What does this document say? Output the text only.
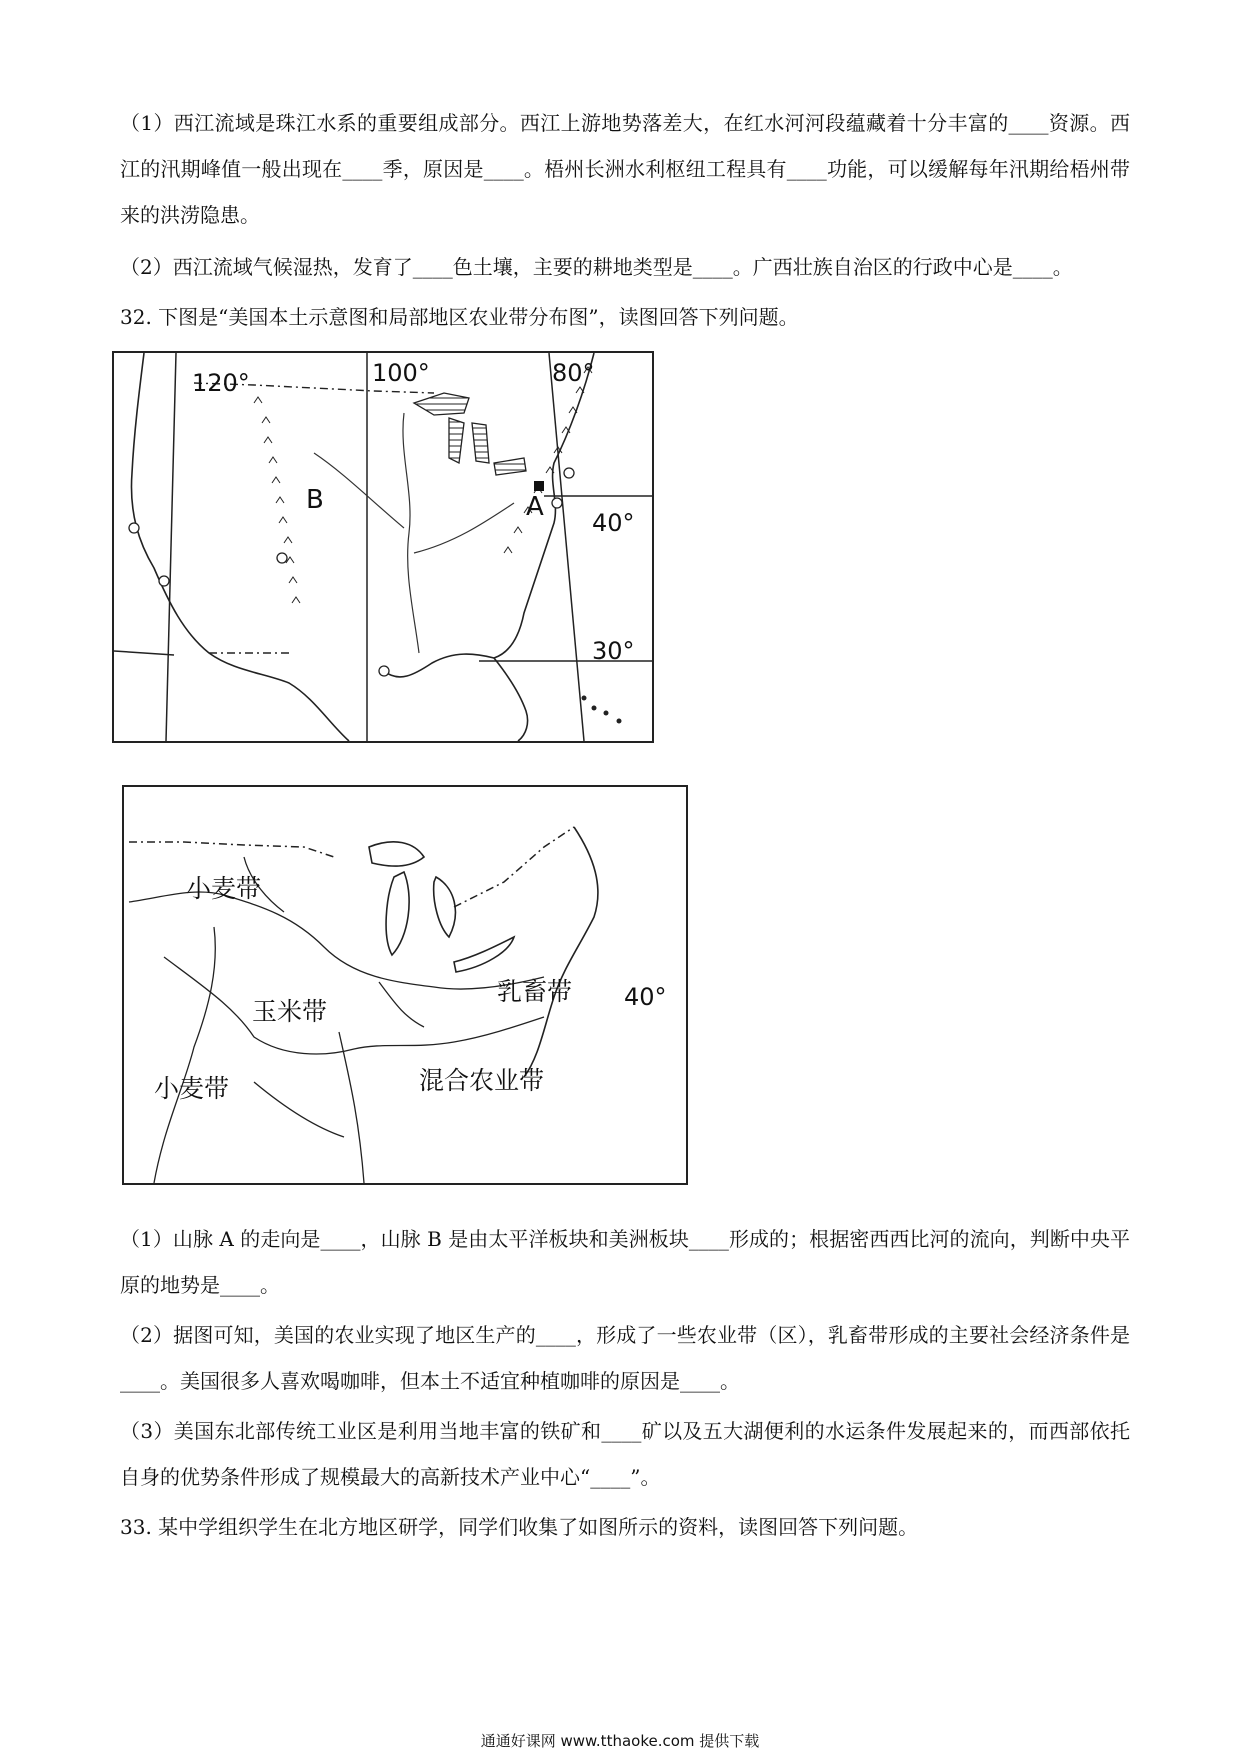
（1）西江流域是珠江水系的重要组成部分。西江上游地势落差大，在红水河河段蕴藏着十分丰富的____资源。西江的汛期峰值一般出现在____季，原因是____。梧州长洲水利枢纽工程具有____功能，可以缓解每年汛期给梧州带来的洪涝隐患。

（2）西江流域气候湿热，发育了____色土壤，主要的耕地类型是____。广西壮族自治区的行政中心是____。

32. 下图是“美国本土示意图和局部地区农业带分布图”，读图回答下列问题。

120°	100°	80°
40°
30°
A
B
小麦带
玉米带
小麦带	混合农业带
乳畜带 40°

（1）山脉 A 的走向是____，山脉 B 是由太平洋板块和美洲板块____形成的；根据密西西比河的流向，判断中央平原的地势是____。

（2）据图可知，美国的农业实现了地区生产的____，形成了一些农业带（区），乳畜带形成的主要社会经济条件是____。美国很多人喜欢喝咖啡，但本土不适宜种植咖啡的原因是____。

（3）美国东北部传统工业区是利用当地丰富的铁矿和____矿以及五大湖便利的水运条件发展起来的，而西部依托自身的优势条件形成了规模最大的高新技术产业中心“____”。

33. 某中学组织学生在北方地区研学，同学们收集了如图所示的资料，读图回答下列问题。

通通好课网 www.tthaoke.com 提供下载
